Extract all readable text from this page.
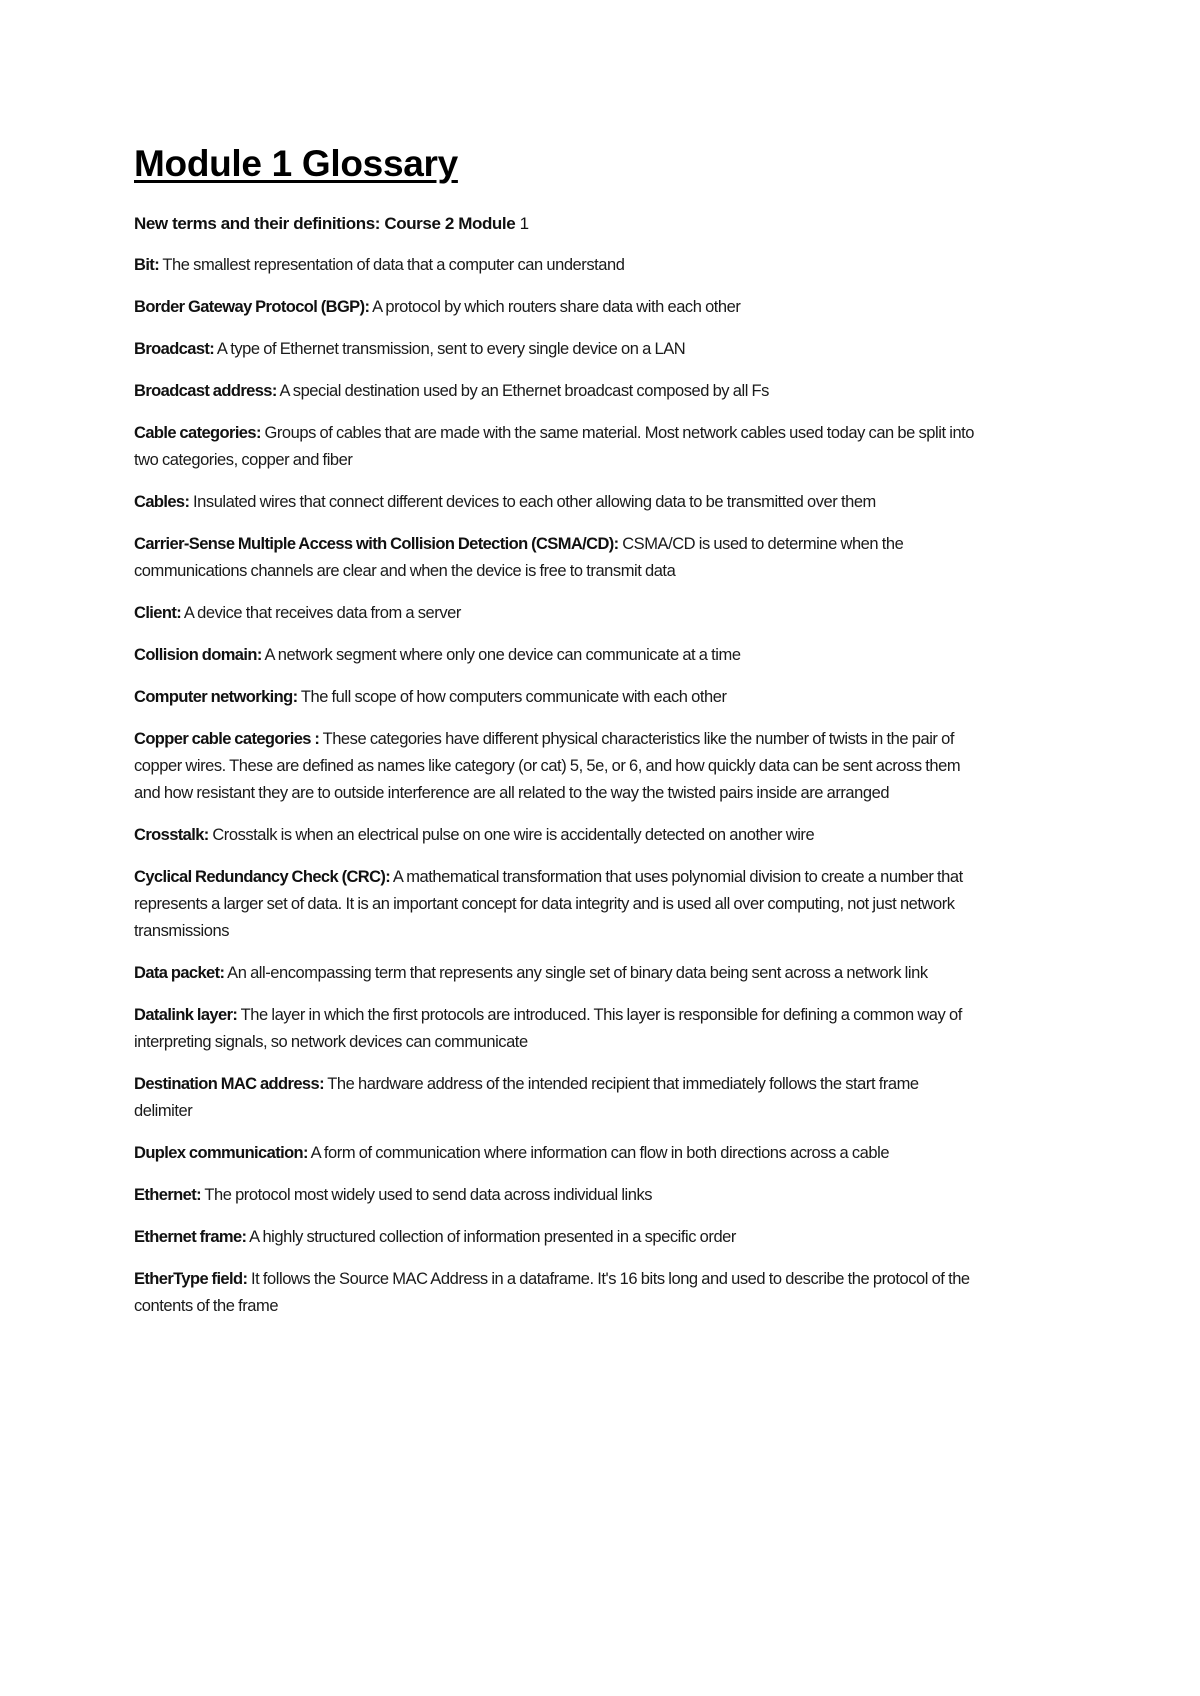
Module 1 Glossary

New terms and their definitions: Course 2 Module 1

Bit: The smallest representation of data that a computer can understand

Border Gateway Protocol (BGP): A protocol by which routers share data with each other

Broadcast: A type of Ethernet transmission, sent to every single device on a LAN

Broadcast address: A special destination used by an Ethernet broadcast composed by all Fs

Cable categories: Groups of cables that are made with the same material. Most network cables used today can be split into two categories, copper and fiber

Cables: Insulated wires that connect different devices to each other allowing data to be transmitted over them

Carrier-Sense Multiple Access with Collision Detection (CSMA/CD): CSMA/CD is used to determine when the communications channels are clear and when the device is free to transmit data

Client: A device that receives data from a server

Collision domain: A network segment where only one device can communicate at a time

Computer networking: The full scope of how computers communicate with each other

Copper cable categories : These categories have different physical characteristics like the number of twists in the pair of copper wires. These are defined as names like category (or cat) 5, 5e, or 6, and how quickly data can be sent across them and how resistant they are to outside interference are all related to the way the twisted pairs inside are arranged

Crosstalk: Crosstalk is when an electrical pulse on one wire is accidentally detected on another wire

Cyclical Redundancy Check (CRC): A mathematical transformation that uses polynomial division to create a number that represents a larger set of data. It is an important concept for data integrity and is used all over computing, not just network transmissions

Data packet: An all-encompassing term that represents any single set of binary data being sent across a network link

Datalink layer: The layer in which the first protocols are introduced. This layer is responsible for defining a common way of interpreting signals, so network devices can communicate

Destination MAC address: The hardware address of the intended recipient that immediately follows the start frame delimiter

Duplex communication: A form of communication where information can flow in both directions across a cable

Ethernet: The protocol most widely used to send data across individual links

Ethernet frame: A highly structured collection of information presented in a specific order

EtherType field: It follows the Source MAC Address in a dataframe. It's 16 bits long and used to describe the protocol of the contents of the frame
